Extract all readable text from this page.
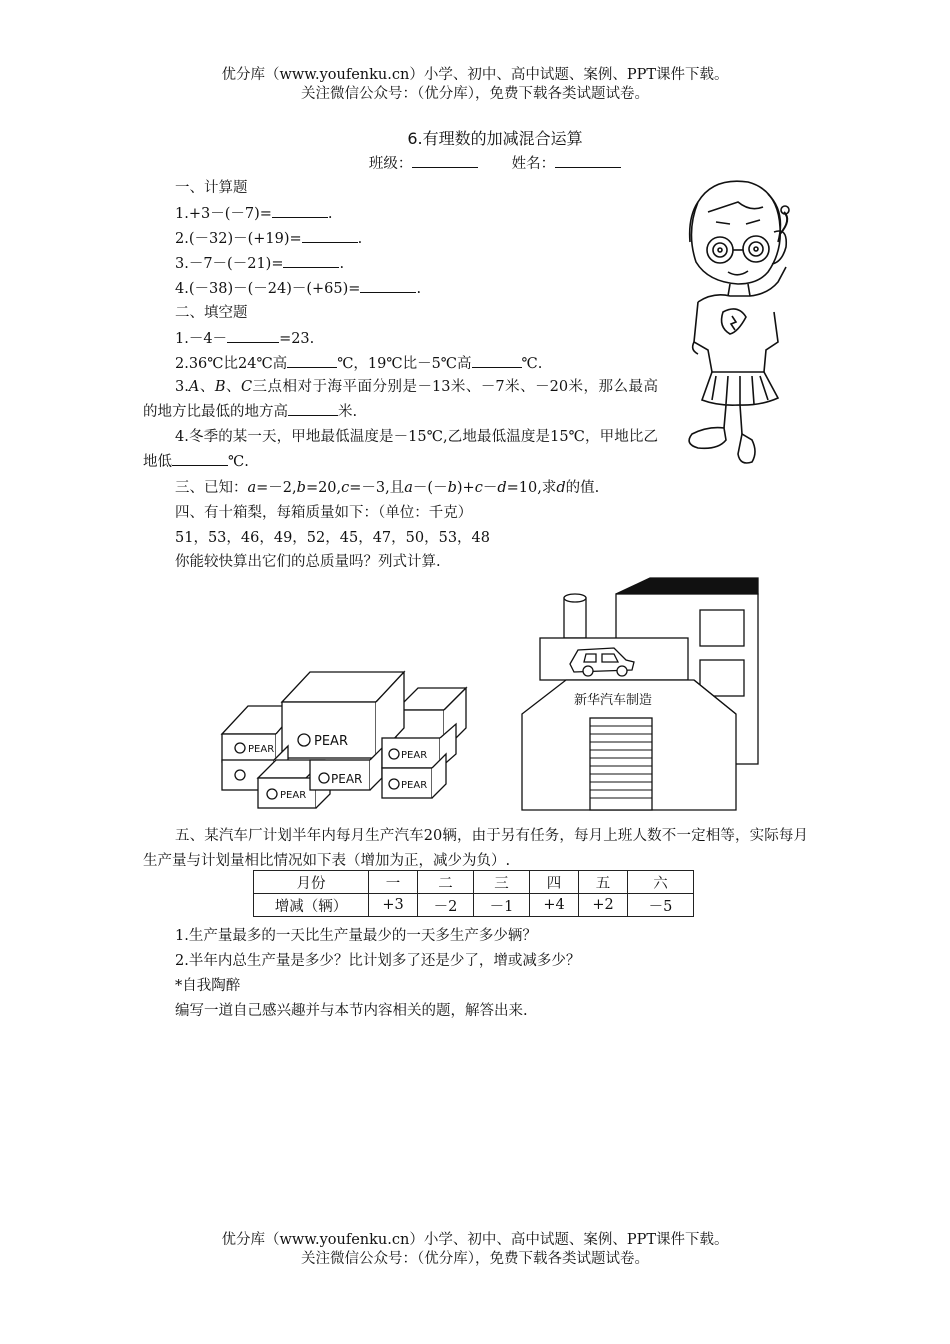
优分库（www.youfenku.cn）小学、初中、高中试题、案例、PPT课件下载。
关注微信公众号：（优分库），免费下载各类试题试卷。
6.有理数的加减混合运算
班级：	姓名：
一、计算题
1.+3－(－7)=	.
2.(－32)－(+19)=	.
3.－7－(－21)=	.
4.(－38)－(－24)－(+65)=	.
二、填空题
1.－4－	=23.
2.36℃比24℃高	℃，19℃比－5℃高	℃.
3.A、B、C三点相对于海平面分别是－13米、－7米、－20米，那么最高的地方比最低的地方高	米.
4.冬季的某一天，甲地最低温度是－15℃,乙地最低温度是15℃，甲地比乙地低	℃.
三、已知：a=－2,b=20,c=－3,且a－(－b)+c－d=10,求d的值.
四、有十箱梨，每箱质量如下：（单位：千克）
51，53，46，49，52，45，47，50，53，48
你能较快算出它们的总质量吗？列式计算.
PEAR
PEAR
PEAR
PEAR
PEAR
PEAR
新华汽车制造
五、某汽车厂计划半年内每月生产汽车20辆，由于另有任务，每月上班人数不一定相等，实际每月生产量与计划量相比情况如下表（增加为正，减少为负）.
月份	一	二	三	四	五	六
增减（辆）	+3	－2	－1	+4	+2	－5
1.生产量最多的一天比生产量最少的一天多生产多少辆？
2.半年内总生产量是多少？比计划多了还是少了，增或减多少？
*自我陶醉
编写一道自己感兴趣并与本节内容相关的题，解答出来.
优分库（www.youfenku.cn）小学、初中、高中试题、案例、PPT课件下载。
关注微信公众号：（优分库），免费下载各类试题试卷。
